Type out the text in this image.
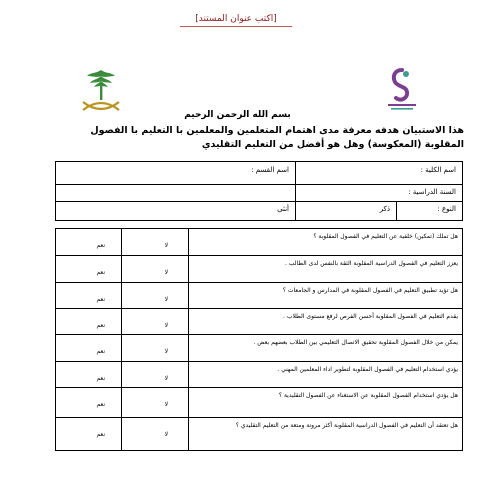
[اكتب عنوان المستند]
بسم الله الرحمن الرحيم
هذا الاستبيان هدفه معرفة مدى اهتمام المتعلمين والمعلمين با التعليم با الفصول المقلوبة (المعكوسة) وهل هو أفضل من التعليم التقليدي
اسم الكلية :
اسم القسم :
السنة الدراسية :
النوع :
ذكر
أنثى
هل تملك (تمكين) خلفية عن التعليم في الفصول المقلوبة ؟
لا
نعم
يعزز التعليم في الفصول الدراسية المقلوبة الثقة بالنفس لدى الطالب .
لا
نعم
هل تؤيد تطبيق التعليم في الفصول المقلوبة في المدارس و الجامعات ؟
لا
نعم
يقدم التعليم في الفصول المقلوبة أحسن الفرص لرفع مستوى الطلاب .
لا
نعم
يمكن من خلال الفصول المقلوبة تحقيق الاتصال التعليمي بين الطلاب بعضهم بعض .
لا
نعم
يؤدي استخدام التعليم في الفصول المقلوبة لتطوير اداء المعلمين المهني .
لا
نعم
هل يؤدي استخدام الفصول المقلوبة عن الاستغناء عن الفصول التقليدية ؟
لا
نعم
هل تعتقد أن التعليم في الفصول الدراسية المقلوبة أكثر مرونة ومتعة من التعليم التقليدي ؟
لا
نعم
